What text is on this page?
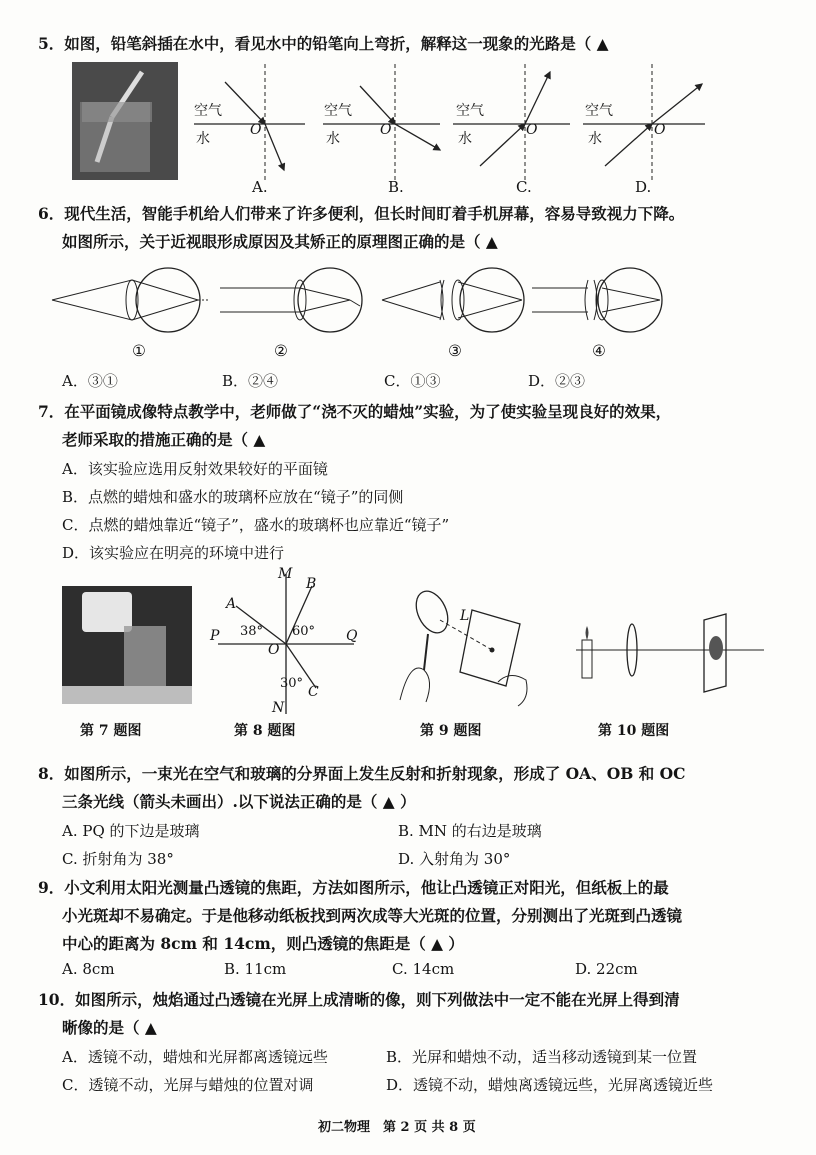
5．如图，铅笔斜插在水中，看见水中的铅笔向上弯折，解释这一现象的光路是（ ▲
空气
水
O
空气
水
O
空气
水
O
空气
水
O
A.	B.	C.	D.
6．现代生活，智能手机给人们带来了许多便利，但长时间盯着手机屏幕，容易导致视力下降。
如图所示，关于近视眼形成原因及其矫正的原理图正确的是（ ▲
①	②	③	④
A．③①	B．②④	C．①③	D．②③
7．在平面镜成像特点教学中，老师做了“浇不灭的蜡烛”实验，为了使实验呈现良好的效果，
老师采取的措施正确的是（ ▲
A．该实验应选用反射效果较好的平面镜
B．点燃的蜡烛和盛水的玻璃杯应放在“镜子”的同侧
C．点燃的蜡烛靠近“镜子”，盛水的玻璃杯也应靠近“镜子”
D．该实验应在明亮的环境中进行
M
B
A
P	Q
38° 60°
O
30°
C
N
L
第 7 题图	第 8 题图	第 9 题图	第 10 题图
8．如图所示，一束光在空气和玻璃的分界面上发生反射和折射现象，形成了 OA、OB 和 OC
三条光线（箭头未画出）.以下说法正确的是（ ▲ ）
A. PQ 的下边是玻璃	B. MN 的右边是玻璃
C. 折射角为 38°	D. 入射角为 30°
9．小文利用太阳光测量凸透镜的焦距，方法如图所示，他让凸透镜正对阳光，但纸板上的最
小光斑却不易确定。于是他移动纸板找到两次成等大光斑的位置，分别测出了光斑到凸透镜
中心的距离为 8cm 和 14cm，则凸透镜的焦距是（ ▲ ）
A. 8cm	B. 11cm	C. 14cm	D. 22cm
10．如图所示，烛焰通过凸透镜在光屏上成清晰的像，则下列做法中一定不能在光屏上得到清
晰像的是（ ▲
A．透镜不动，蜡烛和光屏都离透镜远些	B．光屏和蜡烛不动，适当移动透镜到某一位置
C．透镜不动，光屏与蜡烛的位置对调	D．透镜不动，蜡烛离透镜远些，光屏离透镜近些
初二物理　第 2 页 共 8 页
